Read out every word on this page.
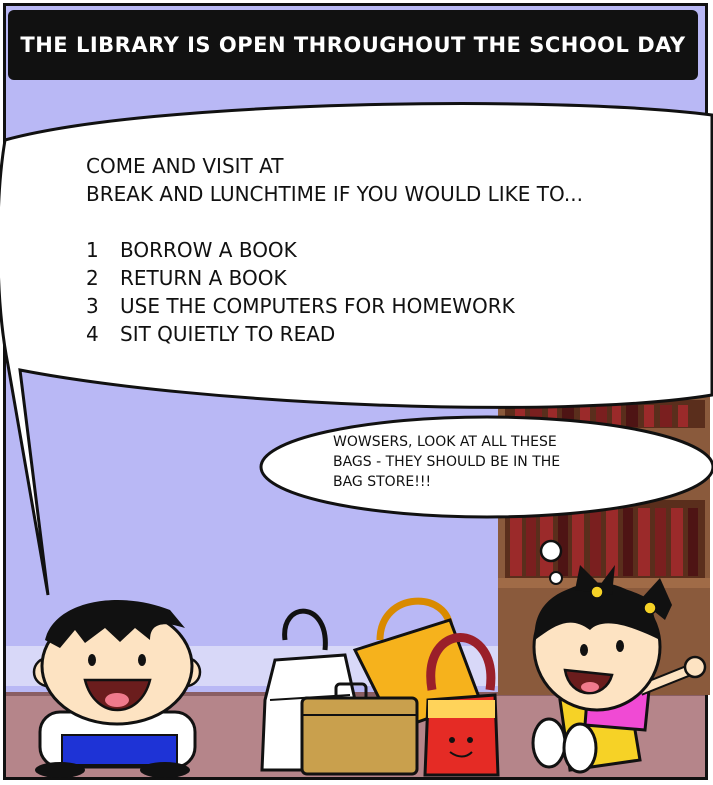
THE LIBRARY IS OPEN THROUGHOUT THE SCHOOL DAY
COME AND VISIT AT
BREAK AND LUNCHTIME IF YOU WOULD LIKE TO...
1 BORROW A BOOK
2 RETURN A BOOK
3 USE THE COMPUTERS FOR HOMEWORK
4 SIT QUIETLY TO READ
WOWSERS, LOOK AT ALL THESE
BAGS - THEY SHOULD BE IN THE
BAG STORE!!!
